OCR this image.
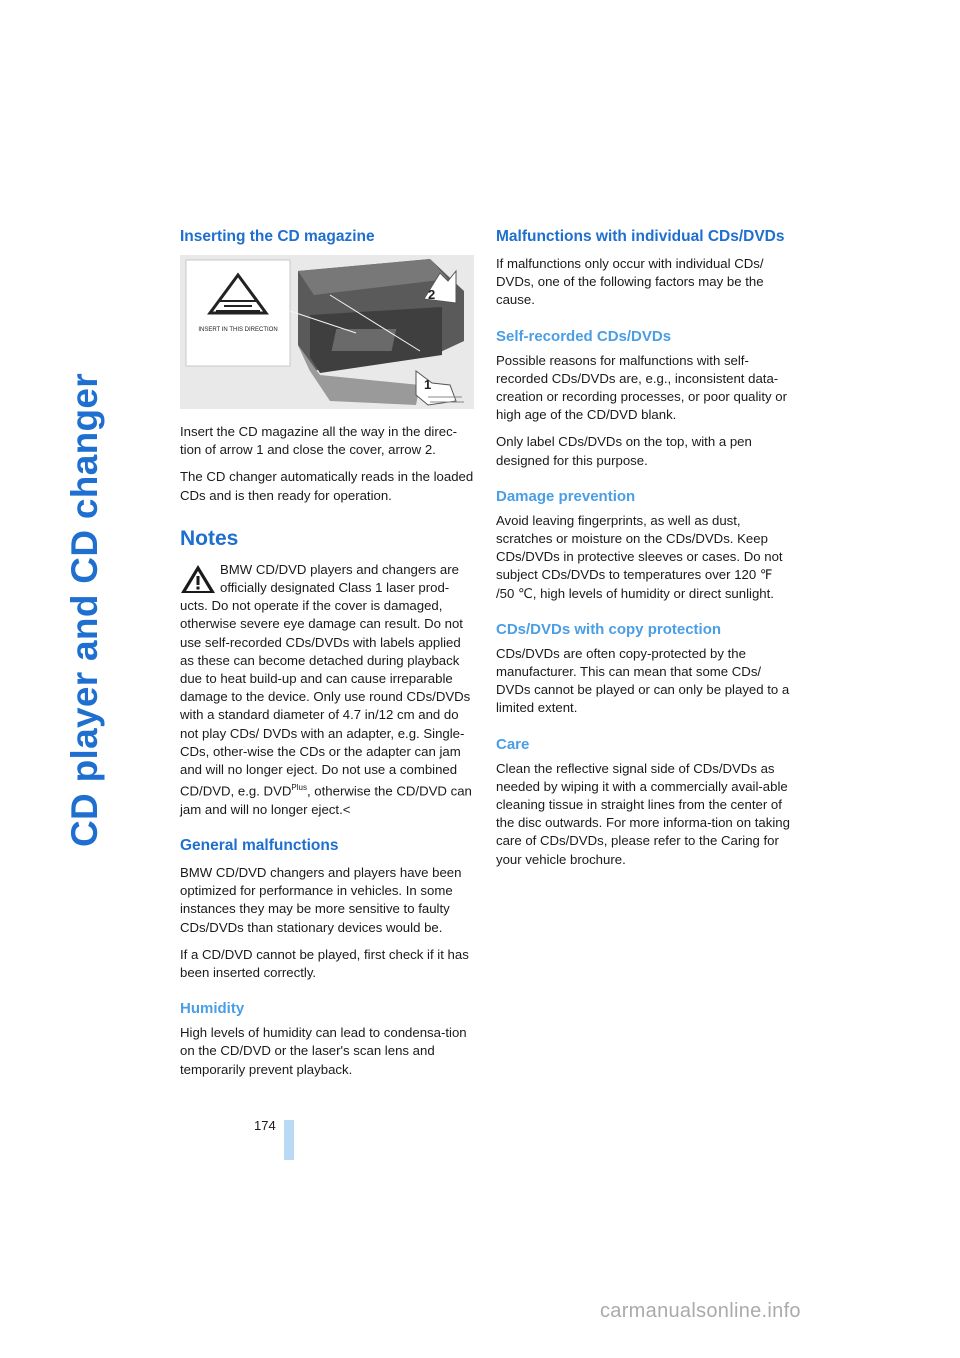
CD player and CD changer
Inserting the CD magazine
INSERT IN THIS DIRECTION
2
1

Insert the CD magazine all the way in the direc-tion of arrow 1 and close the cover, arrow 2.

The CD changer automatically reads in the loaded CDs and is then ready for operation.

Notes

BMW CD/DVD players and changers are officially designated Class 1 laser prod-ucts. Do not operate if the cover is damaged, otherwise severe eye damage can result. Do not use self-recorded CDs/DVDs with labels applied as these can become detached during playback due to heat build-up and can cause irreparable damage to the device. Only use round CDs/DVDs with a standard diameter of 4.7 in/12 cm and do not play CDs/ DVDs with an adapter, e.g. Single-CDs, other-wise the CDs or the adapter can jam and will no longer eject. Do not use a combined CD/DVD, e.g. $DVD^{Plus}$, otherwise the CD/DVD can jam and will no longer eject.<

General malfunctions

BMW CD/DVD changers and players have been optimized for performance in vehicles. In some instances they may be more sensitive to faulty CDs/DVDs than stationary devices would be.

If a CD/DVD cannot be played, first check if it has been inserted correctly.

Humidity

High levels of humidity can lead to condensa-tion on the CD/DVD or the laser's scan lens and temporarily prevent playback.

Malfunctions with individual CDs/DVDs

If malfunctions only occur with individual CDs/ DVDs, one of the following factors may be the cause.

Self-recorded CDs/DVDs

Possible reasons for malfunctions with self-recorded CDs/DVDs are, e.g., inconsistent data-creation or recording processes, or poor quality or high age of the CD/DVD blank.

Only label CDs/DVDs on the top, with a pen designed for this purpose.

Damage prevention

Avoid leaving fingerprints, as well as dust, scratches or moisture on the CDs/DVDs. Keep CDs/DVDs in protective sleeves or cases. Do not subject CDs/DVDs to temperatures over 120 ℉ /50 ℃, high levels of humidity or direct sunlight.

CDs/DVDs with copy protection

CDs/DVDs are often copy-protected by the manufacturer. This can mean that some CDs/ DVDs cannot be played or can only be played to a limited extent.

Care

Clean the reflective signal side of CDs/DVDs as needed by wiping it with a commercially avail-able cleaning tissue in straight lines from the center of the disc outwards. For more informa-tion on taking care of CDs/DVDs, please refer to the Caring for your vehicle brochure.

174
carmanualsonline.info
